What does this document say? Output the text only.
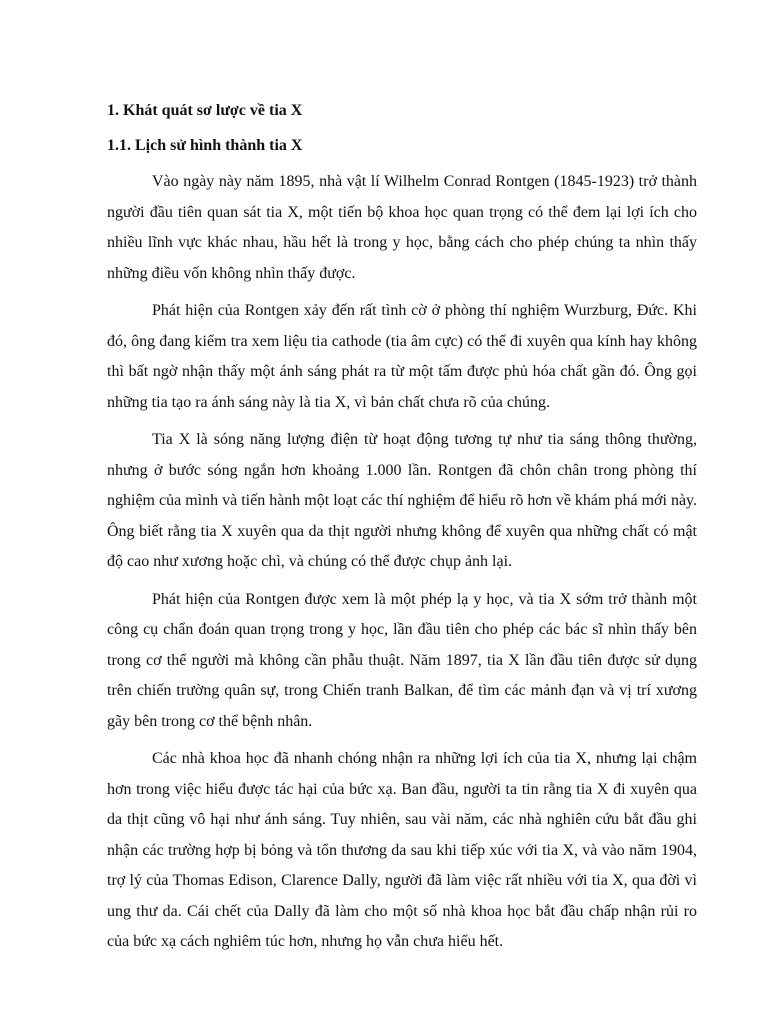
1. Khát quát sơ lược về tia X

1.1. Lịch sử hình thành tia X

Vào ngày này năm 1895, nhà vật lí Wilhelm Conrad Rontgen (1845-1923) trở thành người đầu tiên quan sát tia X, một tiến bộ khoa học quan trọng có thể đem lại lợi ích cho nhiều lĩnh vực khác nhau, hầu hết là trong y học, bằng cách cho phép chúng ta nhìn thấy những điều vốn không nhìn thấy được.

Phát hiện của Rontgen xảy đến rất tình cờ ở phòng thí nghiệm Wurzburg, Đức. Khi đó, ông đang kiểm tra xem liệu tia cathode (tia âm cực) có thể đi xuyên qua kính hay không thì bất ngờ nhận thấy một ánh sáng phát ra từ một tấm được phủ hóa chất gần đó. Ông gọi những tia tạo ra ánh sáng này là tia X, vì bản chất chưa rõ của chúng.

Tia X là sóng năng lượng điện từ hoạt động tương tự như tia sáng thông thường, nhưng ở bước sóng ngắn hơn khoảng 1.000 lần. Rontgen đã chôn chân trong phòng thí nghiệm của mình và tiến hành một loạt các thí nghiệm để hiểu rõ hơn về khám phá mới này. Ông biết rằng tia X xuyên qua da thịt người nhưng không để xuyên qua những chất có mật độ cao như xương hoặc chì, và chúng có thể được chụp ảnh lại.

Phát hiện của Rontgen được xem là một phép lạ y học, và tia X sớm trở thành một công cụ chẩn đoán quan trọng trong y học, lần đầu tiên cho phép các bác sĩ nhìn thấy bên trong cơ thể người mà không cần phẫu thuật. Năm 1897, tia X lần đầu tiên được sử dụng trên chiến trường quân sự, trong Chiến tranh Balkan, để tìm các mảnh đạn và vị trí xương gãy bên trong cơ thể bệnh nhân.

Các nhà khoa học đã nhanh chóng nhận ra những lợi ích của tia X, nhưng lại chậm hơn trong việc hiểu được tác hại của bức xạ. Ban đầu, người ta tin rằng tia X đi xuyên qua da thịt cũng vô hại như ánh sáng. Tuy nhiên, sau vài năm, các nhà nghiên cứu bắt đầu ghi nhận các trường hợp bị bỏng và tổn thương da sau khi tiếp xúc với tia X, và vào năm 1904, trợ lý của Thomas Edison, Clarence Dally, người đã làm việc rất nhiều với tia X, qua đời vì ung thư da. Cái chết của Dally đã làm cho một số nhà khoa học bắt đầu chấp nhận rủi ro của bức xạ cách nghiêm túc hơn, nhưng họ vẫn chưa hiểu hết.
